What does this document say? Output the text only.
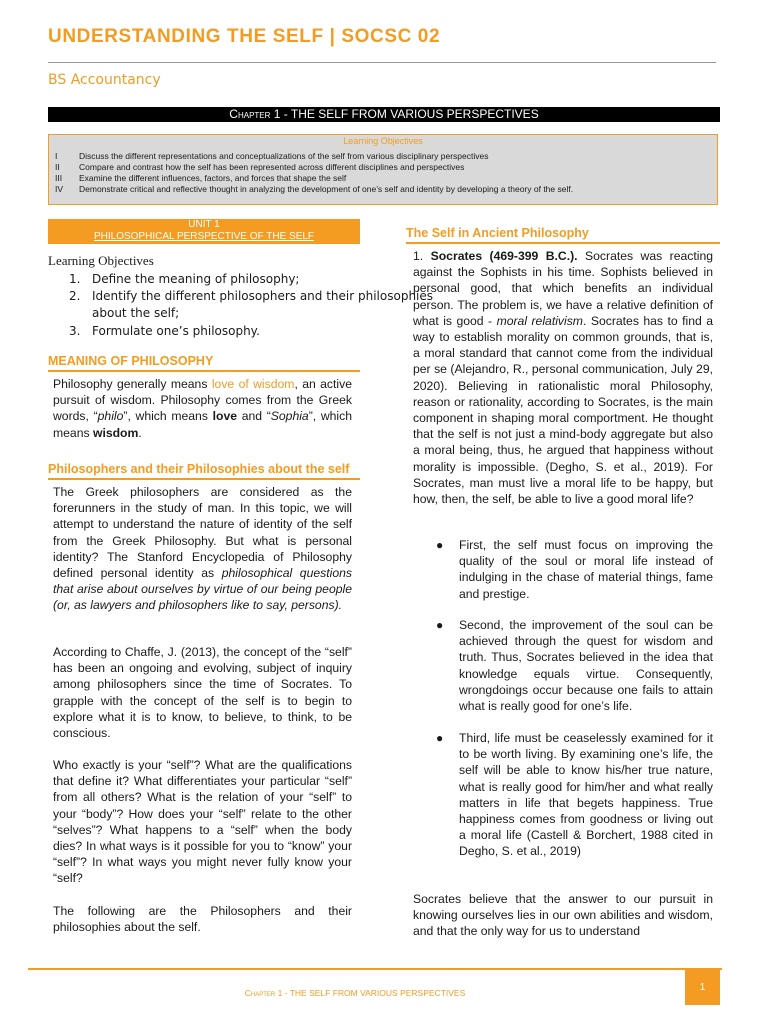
UNDERSTANDING THE SELF | SOCSC 02
BS Accountancy
Chapter 1 - THE SELF FROM VARIOUS PERSPECTIVES
Learning Objectives
I	Discuss the different representations and conceptualizations of the self from various disciplinary perspectives
II Compare and contrast how the self has been represented across different disciplines and perspectives
III Examine the different influences, factors, and forces that shape the self
IV Demonstrate critical and reflective thought in analyzing the development of one’s self and identity by developing a theory of the self.
UNIT 1
PHILOSOPHICAL PERSPECTIVE OF THE SELF
Learning Objectives
1. Define the meaning of philosophy;
2. Identify the different philosophers and their philosophies
about the self;
3. Formulate one’s philosophy.
MEANING OF PHILOSOPHY
Philosophy generally means love of wisdom, an active pursuit of wisdom. Philosophy comes from the Greek words, “philo”, which means love and “Sophia”, which means wisdom.
Philosophers and their Philosophies about the self
The Greek philosophers are considered as the forerunners in the study of man. In this topic, we will attempt to understand the nature of identity of the self from the Greek Philosophy. But what is personal identity? The Stanford Encyclopedia of Philosophy defined personal identity as philosophical questions that arise about ourselves by virtue of our being people (or, as lawyers and philosophers like to say, persons).
According to Chaffe, J. (2013), the concept of the “self” has been an ongoing and evolving, subject of inquiry among philosophers since the time of Socrates. To grapple with the concept of the self is to begin to explore what it is to know, to believe, to think, to be conscious.
Who exactly is your “self”? What are the qualifications that define it? What differentiates your particular “self” from all others? What is the relation of your “self” to your “body”? How does your “self” relate to the other “selves”? What happens to a “self” when the body dies? In what ways is it possible for you to “know” your “self”? In what ways you might never fully know your “self?
The following are the Philosophers and their philosophies about the self.
The Self in Ancient Philosophy
1. Socrates (469-399 B.C.). Socrates was reacting against the Sophists in his time. Sophists believed in personal good, that which benefits an individual person. The problem is, we have a relative definition of what is good - moral relativism. Socrates has to find a way to establish morality on common grounds, that is, a moral standard that cannot come from the individual per se (Alejandro, R., personal communication, July 29, 2020). Believing in rationalistic moral Philosophy, reason or rationality, according to Socrates, is the main component in shaping moral comportment. He thought that the self is not just a mind-body aggregate but also a moral being, thus, he argued that happiness without morality is impossible. (Degho, S. et al., 2019). For Socrates, man must live a moral life to be happy, but how, then, the self, be able to live a good moral life?
● First, the self must focus on improving the quality of the soul or moral life instead of indulging in the chase of material things, fame and prestige.
● Second, the improvement of the soul can be achieved through the quest for wisdom and truth. Thus, Socrates believed in the idea that knowledge equals virtue. Consequently, wrongdoings occur because one fails to attain what is really good for one’s life.
● Third, life must be ceaselessly examined for it to be worth living. By examining one’s life, the self will be able to know his/her true nature, what is really good for him/her and what really matters in life that begets happiness. True happiness comes from goodness or living out a moral life (Castell & Borchert, 1988 cited in Degho, S. et al., 2019)
Socrates believe that the answer to our pursuit in knowing ourselves lies in our own abilities and wisdom, and that the only way for us to understand
Chapter 1 - THE SELF FROM VARIOUS PERSPECTIVES	1
